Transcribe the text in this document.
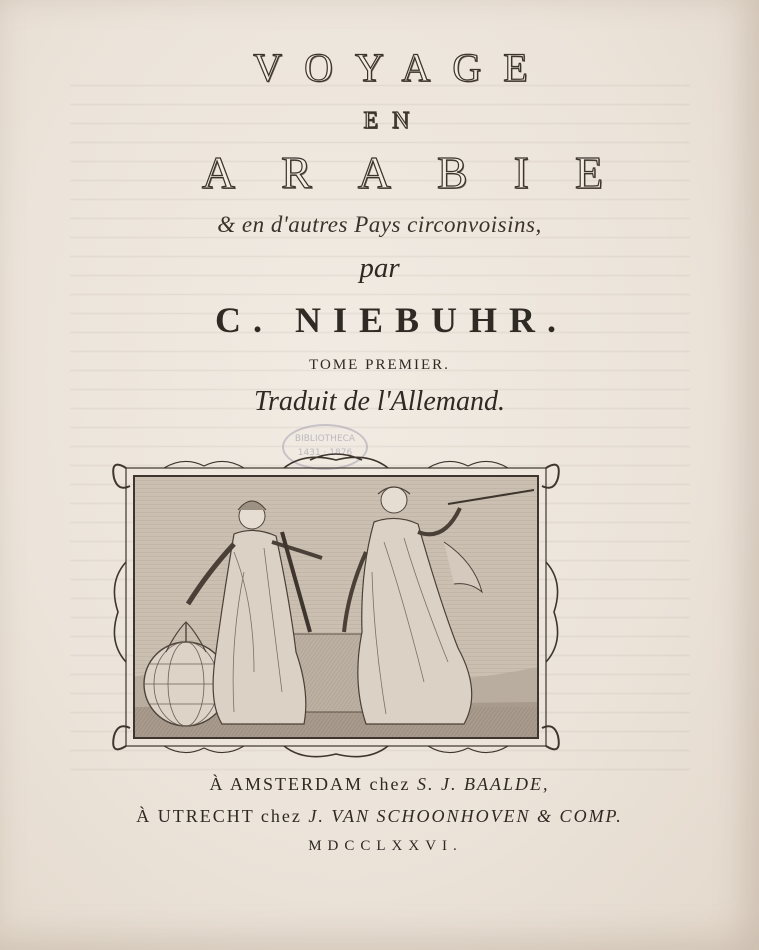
VOYAGE
EN
ARABIE

& en d'autres Pays circonvoisins,

par

C. NIEBUHR.

TOME PREMIER.

Traduit de l'Allemand.

BIBLIOTHECA
1431 · 1876

À AMSTERDAM chez S. J. BAALDE,

À UTRECHT chez J. VAN SCHOONHOVEN & COMP.

MDCCLXXVI.
